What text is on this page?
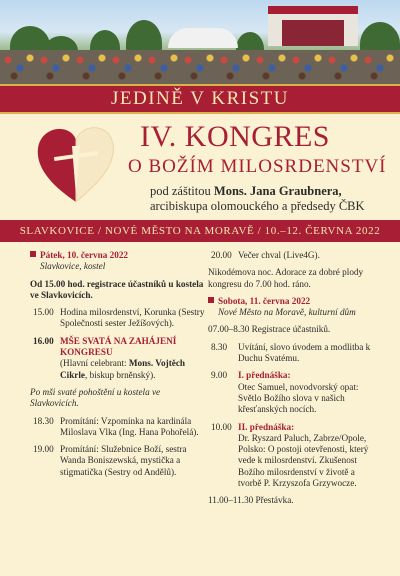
JEDINĚ V KRISTU
IV. KONGRES
O BOŽÍM MILOSRDENSTVÍ
pod záštitou Mons. Jana Graubnera,
arcibiskupa olomouckého a předsedy ČBK
SLAVKOVICE / NOVÉ MĚSTO NA MORAVĚ / 10.–12. ČERVNA 2022
Pátek, 10. června 2022
Slavkovice, kostel
Od 15.00 hod. registrace účastníků u kostela ve Slavkovicích.
15.00 Hodina milosrdenství, Korunka (Sestry Společnosti sester Ježíšových).
16.00 MŠE SVATÁ NA ZAHÁJENÍ KONGRESU
(Hlavní celebrant: Mons. Vojtěch Cikrle, biskup brněnský).
Po mši svaté pohoštění u kostela ve Slavkovicích.
18.30 Promítání: Vzpomínka na kardinála Miloslava Vlka (Ing. Hana Pohořelá).
19.00 Promítání: Služebnice Boží, sestra Wanda Boniszewská, mystička a stigmatička (Sestry od Andělů).
20.00 Večer chval (Live4G).
Nikodémova noc. Adorace za dobré plody kongresu do 7.00 hod. ráno.
Sobota, 11. června 2022
Nové Město na Moravě, kulturní dům
07.00–8.30 Registrace účastníků.
8.30	Uvítání, slovo úvodem a modlitba k Duchu Svatému.
9.00	I. přednáška:
Otec Samuel, novodvorský opat: Světlo Božího slova v našich křesťanských nocích.
10.00 II. přednáška:
Dr. Ryszard Paluch, Zabrze/Opole, Polsko: O postoji otevřenosti, který vede k milosrdenství. Zkušenost Božího milosrdenství v životě a tvorbě P. Krzyszofa Grzywocze.
11.00–11.30 Přestávka.
